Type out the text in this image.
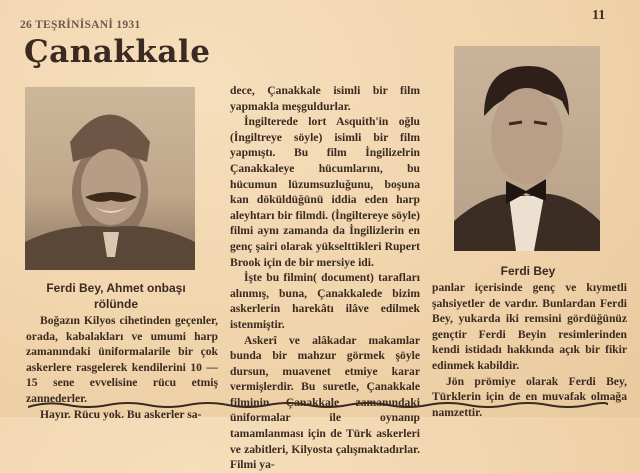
26 TEŞRİNİSANİ 1931
11
Çanakkale
Ferdi Bey, Ahmet onbaşı
rölünde
Ferdi Bey

Boğazın Kilyos cihetinden geçenler, orada, kabalakları ve umumi harp zamanındaki üniformalarile bir çok askerlere rasgelerek kendilerini 10 — 15 sene evvelisine rücu etmiş zannederler.

Hayır. Rücu yok. Bu askerler sa-

dece, Çanakkale isimli bir film yapmakla meşguldurlar.

İngilterede lort Asquith'in oğlu (İngiltreye söyle) isimli bir film yapmıştı. Bu film İngilizelrin Çanakkaleye hücumlarını, bu hücumun lüzumsuzluğunu, boşuna kan döküldüğünü iddia eden harp aleyhtarı bir filmdi. (İngiltereye söyle) filmi aynı zamanda da İngilizlerin en genç şairi olarak yükselttikleri Rupert Brook için de bir mersiye idi.

İşte bu filmin( document) tarafları alınmış, buna, Çanakkalede bizim askerlerin harekâtı ilâve edilmek istenmiştir.

Askerî ve alâkadar makamlar bunda bir mahzur görmek şöyle dursun, muavenet etmiye karar vermişlerdir. Bu suretle, Çanakkale filminin Çanakkale zamanındaki üniformalar ile oynanıp tamamlanması için de Türk askerleri ve zabitleri, Kilyosta çalışmaktadırlar. Filmi ya-

panlar içerisinde genç ve kıymetli şahsiyetler de vardır. Bunlardan Ferdi Bey, yukarda iki remsini gördüğünüz gençtir Ferdi Beyin resimlerinden kendi istidadı hakkında açık bir fikir edinmek kabildir.

Jön prömiye olarak Ferdi Bey, Türklerin için de en muvafak olmağa namzettir.
